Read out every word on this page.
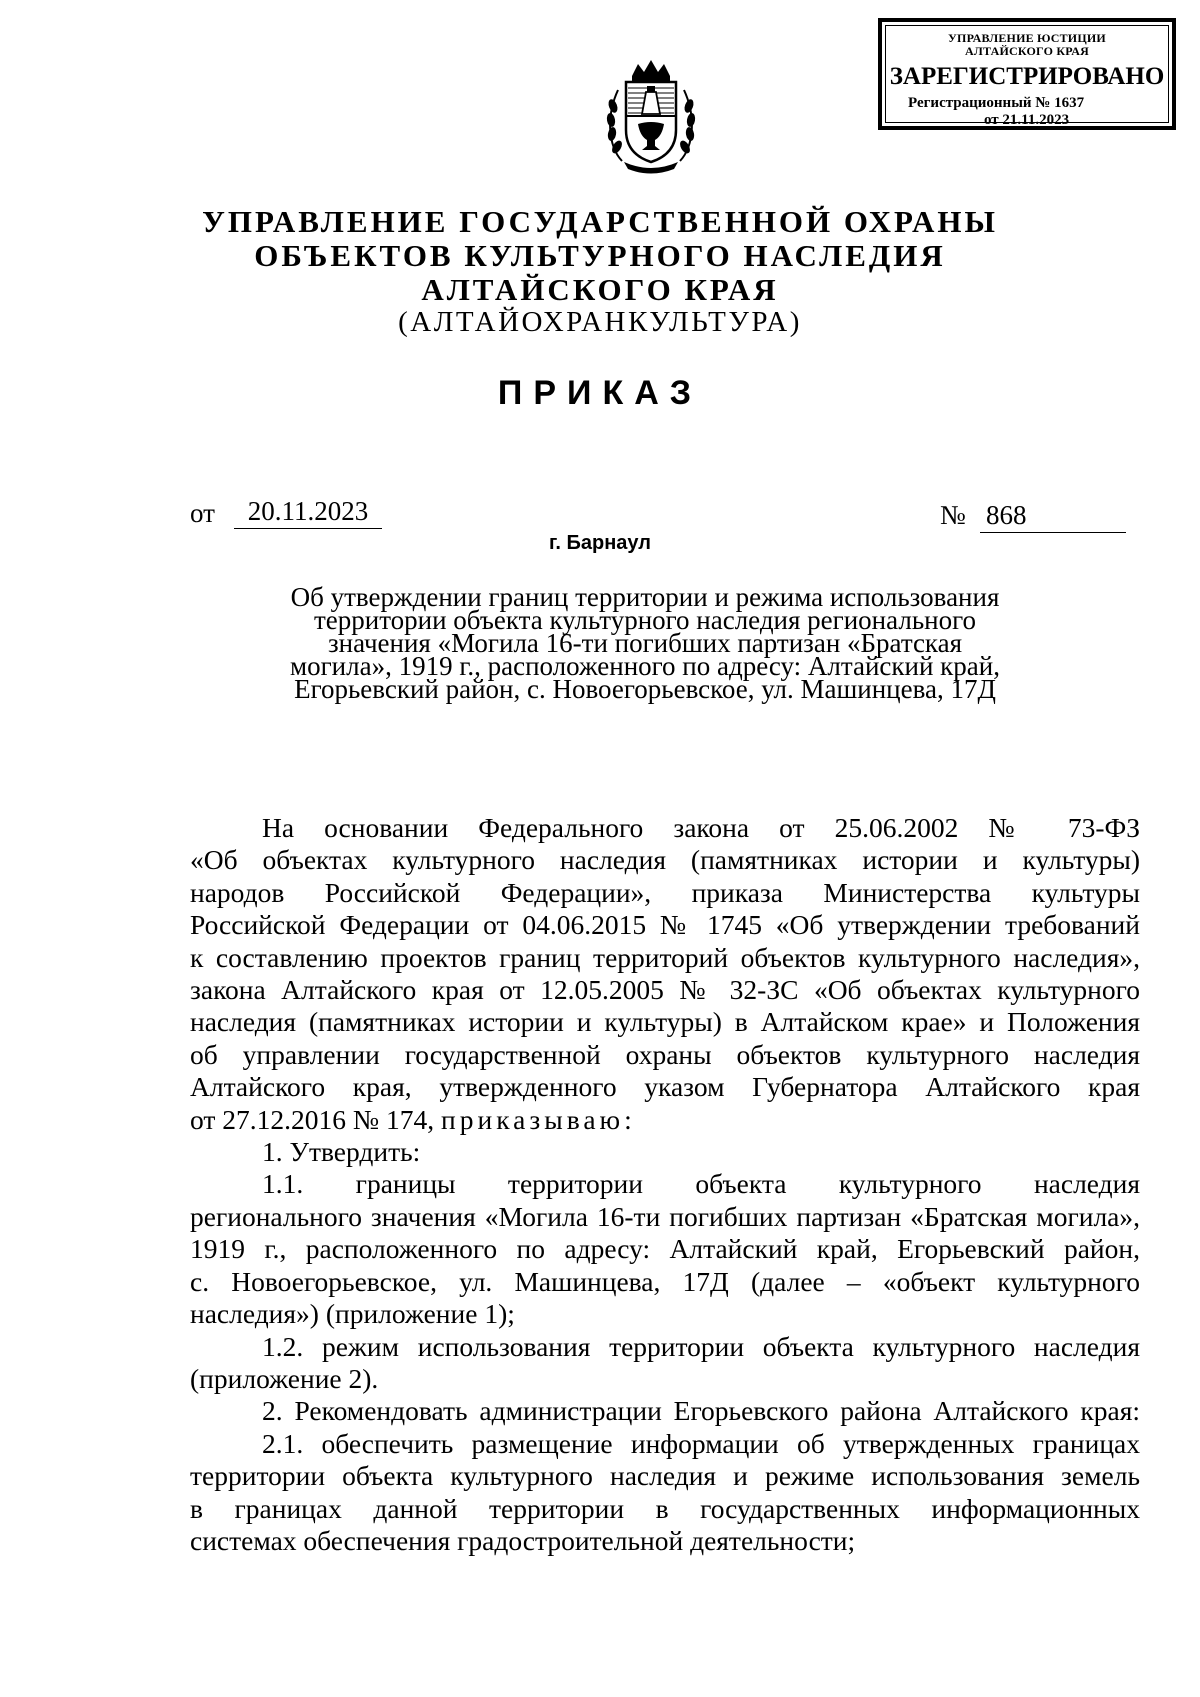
УПРАВЛЕНИЕ ЮСТИЦИИ
АЛТАЙСКОГО КРАЯ
ЗАРЕГИСТРИРОВАНО
Регистрационный № 1637
от 21.11.2023
УПРАВЛЕНИЕ ГОСУДАРСТВЕННОЙ ОХРАНЫ
ОБЪЕКТОВ КУЛЬТУРНОГО НАСЛЕДИЯ
АЛТАЙСКОГО КРАЯ
(АЛТАЙОХРАНКУЛЬТУРА)
ПРИКАЗ
от	20.11.2023	№ 868
г. Барнаул
Об утверждении границ территории и режима использования
территории объекта культурного наследия регионального
значения «Могила 16-ти погибших партизан «Братская
могила», 1919 г., расположенного по адресу: Алтайский край,
Егорьевский район, с. Новоегорьевское, ул. Машинцева, 17Д
На основании Федерального закона от 25.06.2002 № 73-ФЗ
«Об объектах культурного наследия (памятниках истории и культуры)
народов Российской Федерации», приказа Министерства культуры
Российской Федерации от 04.06.2015 № 1745 «Об утверждении требований
к составлению проектов границ территорий объектов культурного наследия»,
закона Алтайского края от 12.05.2005 № 32-ЗС «Об объектах культурного
наследия (памятниках истории и культуры) в Алтайском крае» и Положения
об управлении государственной охраны объектов культурного наследия
Алтайского края, утвержденного указом Губернатора Алтайского края
от 27.12.2016 № 174, приказываю:
1. Утвердить:
1.1. границы территории объекта культурного наследия
регионального значения «Могила 16-ти погибших партизан «Братская могила»,
1919 г., расположенного по адресу: Алтайский край, Егорьевский район,
с. Новоегорьевское, ул. Машинцева, 17Д (далее – «объект культурного
наследия») (приложение 1);
1.2. режим использования территории объекта культурного наследия
(приложение 2).
2. Рекомендовать администрации Егорьевского района Алтайского края:
2.1. обеспечить размещение информации об утвержденных границах
территории объекта культурного наследия и режиме использования земель
в границах данной территории в государственных информационных
системах обеспечения градостроительной деятельности;
